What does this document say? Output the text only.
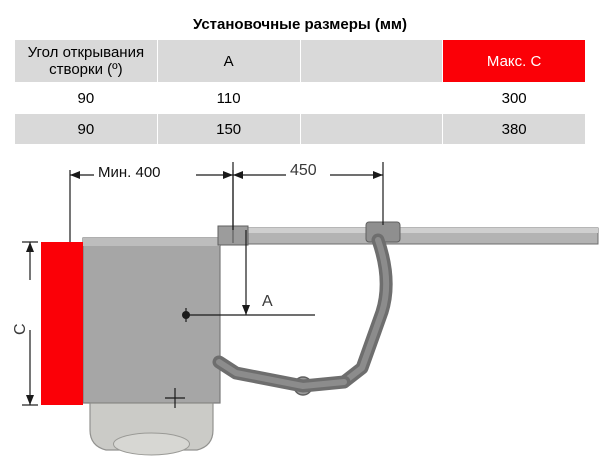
Установочные размеры (мм)			
Угол открывания створки (º)	A		Макс. C
90	110		300
90	150		380
Мин. 400	450
A
C
